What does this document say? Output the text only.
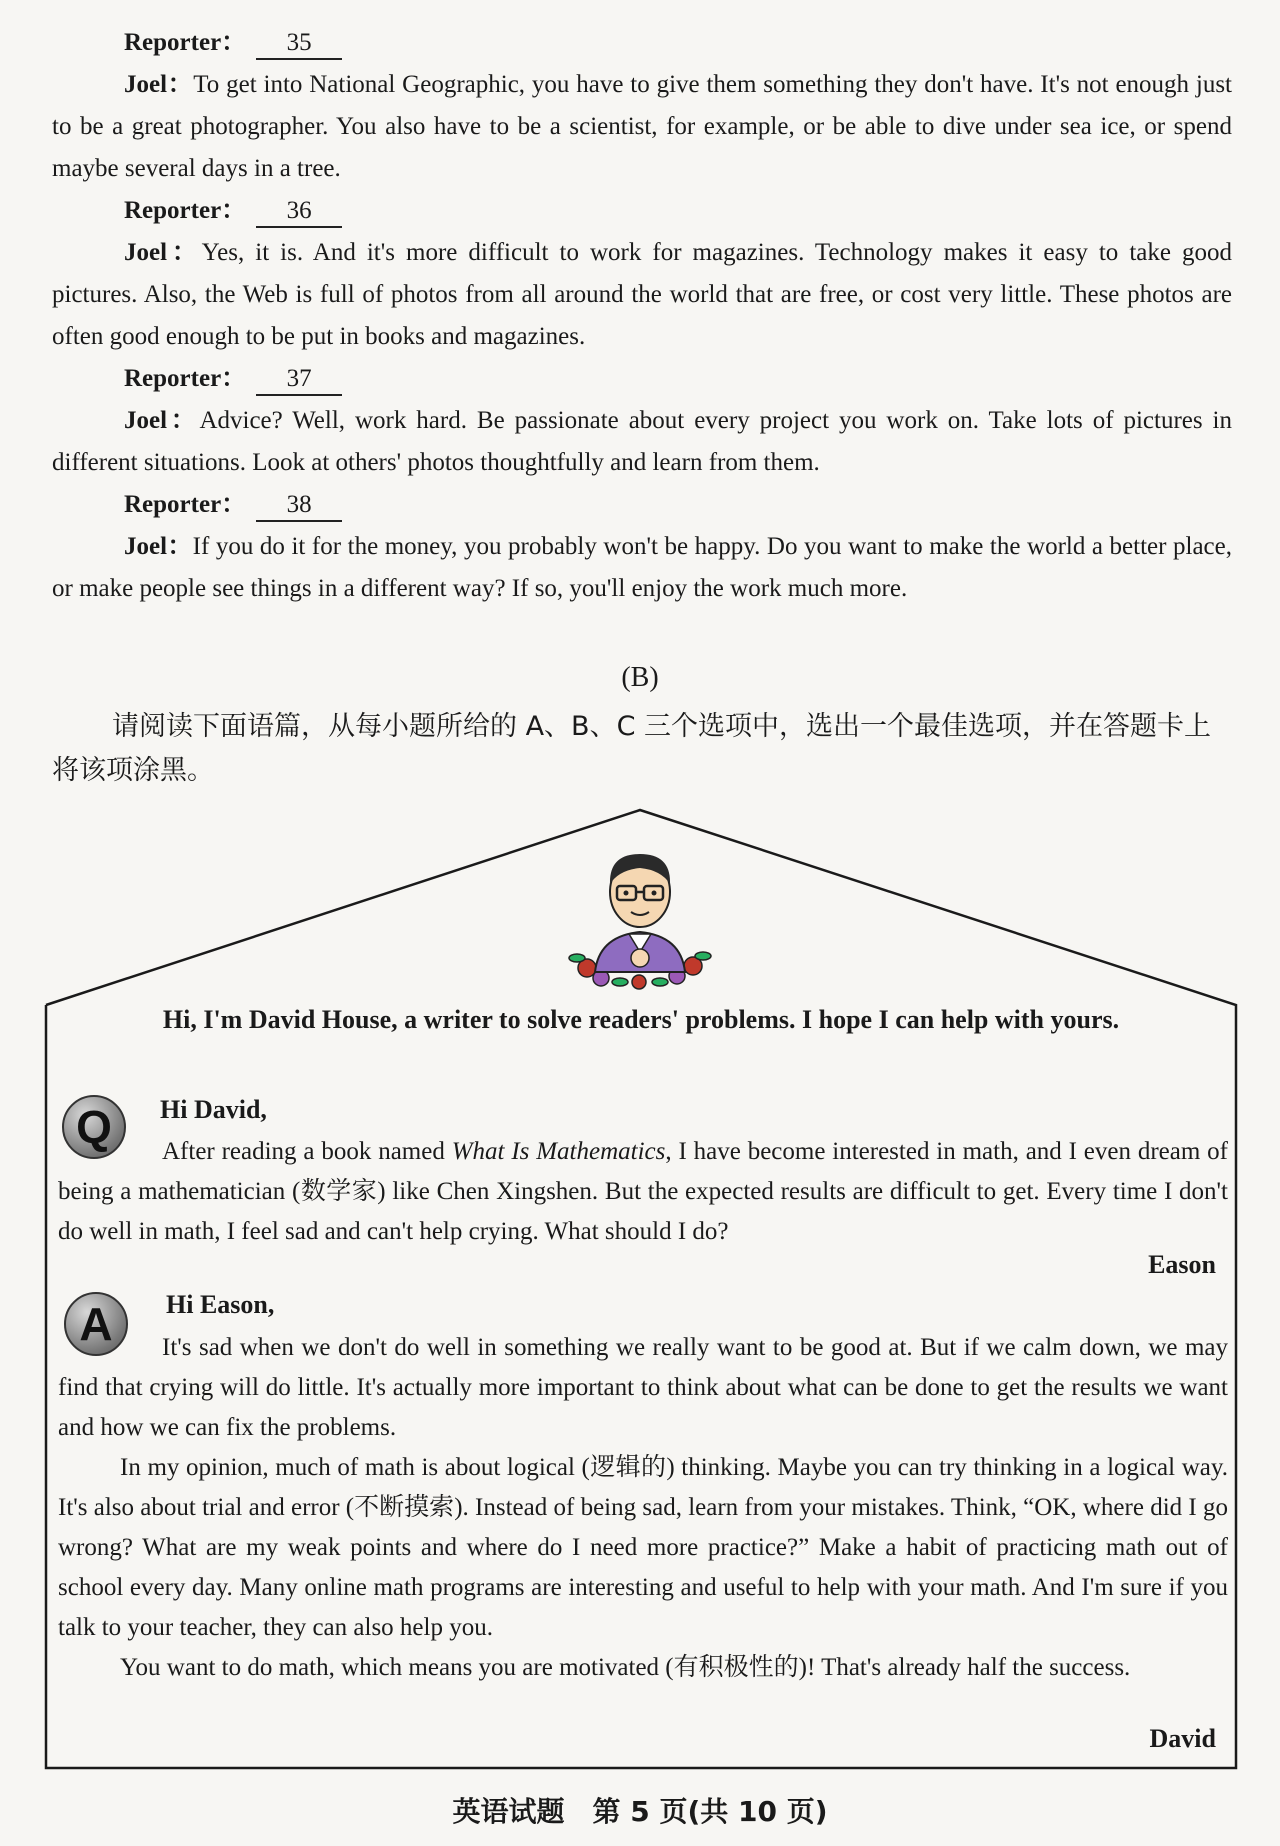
Reporter： 35

Joel：To get into National Geographic, you have to give them something they don't have. It's not enough just to be a great photographer. You also have to be a scientist, for example, or be able to dive under sea ice, or spend maybe several days in a tree.

Reporter： 36

Joel：Yes, it is. And it's more difficult to work for magazines. Technology makes it easy to take good pictures. Also, the Web is full of photos from all around the world that are free, or cost very little. These photos are often good enough to be put in books and magazines.

Reporter： 37

Joel：Advice? Well, work hard. Be passionate about every project you work on. Take lots of pictures in different situations. Look at others' photos thoughtfully and learn from them.

Reporter： 38

Joel：If you do it for the money, you probably won't be happy. Do you want to make the world a better place, or make people see things in a different way? If so, you'll enjoy the work much more.

(B)

请阅读下面语篇，从每小题所给的 A、B、C 三个选项中，选出一个最佳选项，并在答题卡上将该项涂黑。

Hi, I'm David House, a writer to solve readers' problems. I hope I can help with yours.
Q	Hi David,

After reading a book named What Is Mathematics, I have become interested in math, and I even dream of being a mathematician (数学家) like Chen Xingshen. But the expected results are difficult to get. Every time I don't do well in math, I feel sad and can't help crying. What should I do?

Eason
A	Hi Eason,

It's sad when we don't do well in something we really want to be good at. But if we calm down, we may find that crying will do little. It's actually more important to think about what can be done to get the results we want and how we can fix the problems.

In my opinion, much of math is about logical (逻辑的) thinking. Maybe you can try thinking in a logical way. It's also about trial and error (不断摸索). Instead of being sad, learn from your mistakes. Think, “OK, where did I go wrong? What are my weak points and where do I need more practice?” Make a habit of practicing math out of school every day. Many online math programs are interesting and useful to help with your math. And I'm sure if you talk to your teacher, they can also help you.

You want to do math, which means you are motivated (有积极性的)! That's already half the success.

David
英语试题　第 5 页(共 10 页)
